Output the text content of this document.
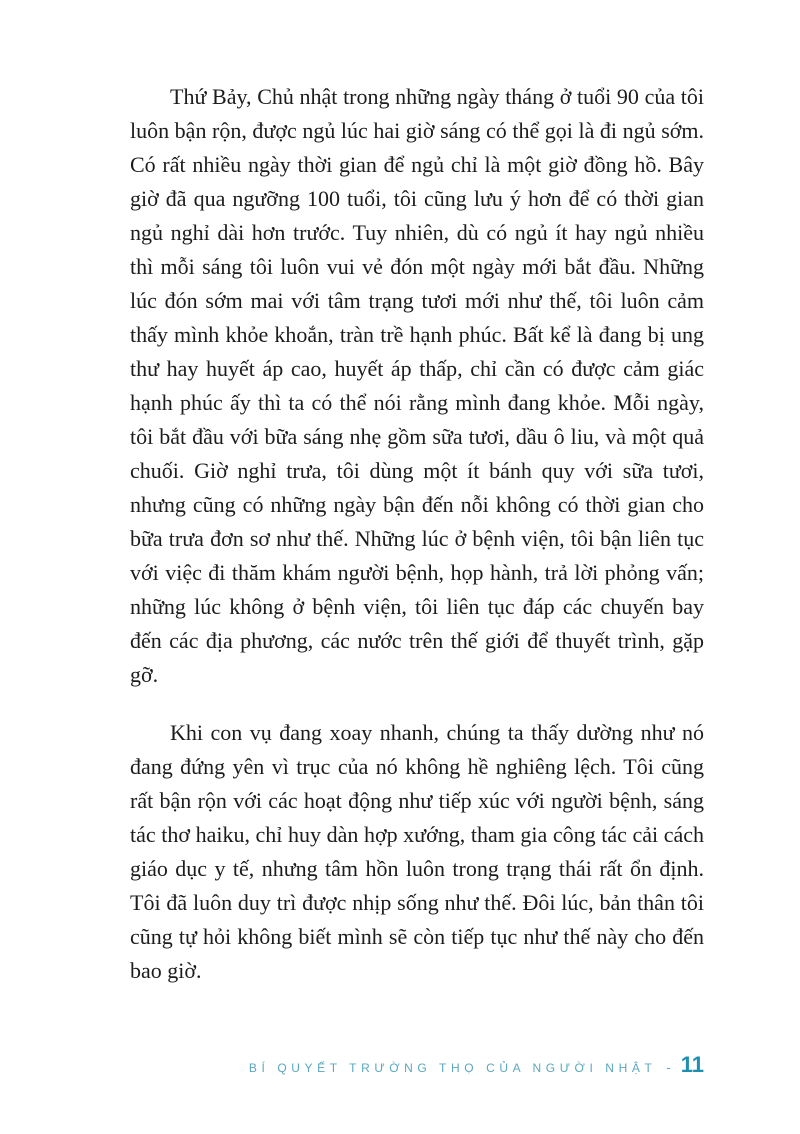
Thứ Bảy, Chủ nhật trong những ngày tháng ở tuổi 90 của tôi luôn bận rộn, được ngủ lúc hai giờ sáng có thể gọi là đi ngủ sớm. Có rất nhiều ngày thời gian để ngủ chỉ là một giờ đồng hồ. Bây giờ đã qua ngưỡng 100 tuổi, tôi cũng lưu ý hơn để có thời gian ngủ nghỉ dài hơn trước. Tuy nhiên, dù có ngủ ít hay ngủ nhiều thì mỗi sáng tôi luôn vui vẻ đón một ngày mới bắt đầu. Những lúc đón sớm mai với tâm trạng tươi mới như thế, tôi luôn cảm thấy mình khỏe khoắn, tràn trề hạnh phúc. Bất kể là đang bị ung thư hay huyết áp cao, huyết áp thấp, chỉ cần có được cảm giác hạnh phúc ấy thì ta có thể nói rằng mình đang khỏe. Mỗi ngày, tôi bắt đầu với bữa sáng nhẹ gồm sữa tươi, dầu ô liu, và một quả chuối. Giờ nghỉ trưa, tôi dùng một ít bánh quy với sữa tươi, nhưng cũng có những ngày bận đến nỗi không có thời gian cho bữa trưa đơn sơ như thế. Những lúc ở bệnh viện, tôi bận liên tục với việc đi thăm khám người bệnh, họp hành, trả lời phỏng vấn; những lúc không ở bệnh viện, tôi liên tục đáp các chuyến bay đến các địa phương, các nước trên thế giới để thuyết trình, gặp gỡ.

Khi con vụ đang xoay nhanh, chúng ta thấy dường như nó đang đứng yên vì trục của nó không hề nghiêng lệch. Tôi cũng rất bận rộn với các hoạt động như tiếp xúc với người bệnh, sáng tác thơ haiku, chỉ huy dàn hợp xướng, tham gia công tác cải cách giáo dục y tế, nhưng tâm hồn luôn trong trạng thái rất ổn định. Tôi đã luôn duy trì được nhịp sống như thế. Đôi lúc, bản thân tôi cũng tự hỏi không biết mình sẽ còn tiếp tục như thế này cho đến bao giờ.

BÍ QUYẾT TRƯỜNG THỌ CỦA NGƯỜI NHẬT - 11
